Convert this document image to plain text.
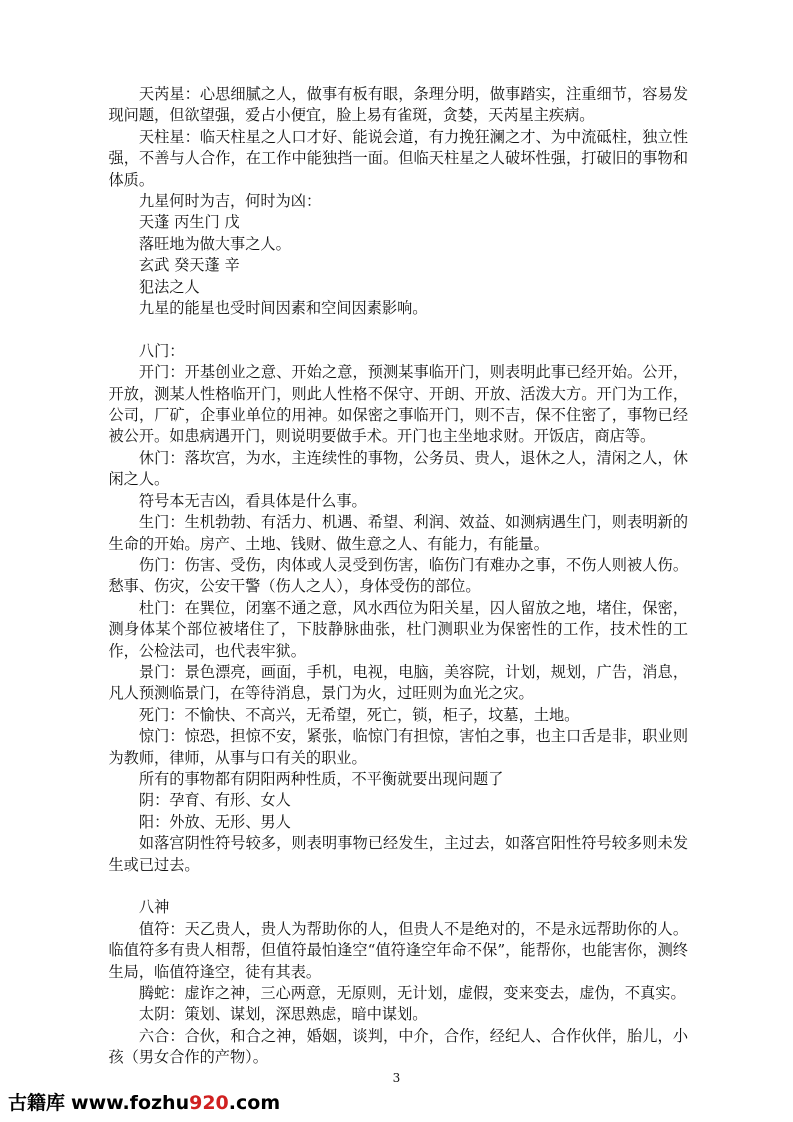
天芮星：心思细腻之人，做事有板有眼，条理分明，做事踏实，注重细节，容易发现问题，但欲望强，爱占小便宜，脸上易有雀斑，贪婪，天芮星主疾病。

天柱星：临天柱星之人口才好、能说会道，有力挽狂澜之才、为中流砥柱，独立性强，不善与人合作，在工作中能独挡一面。但临天柱星之人破坏性强，打破旧的事物和体质。

九星何时为吉，何时为凶：

天蓬 丙生门 戊

落旺地为做大事之人。

玄武 癸天蓬 辛

犯法之人

九星的能星也受时间因素和空间因素影响。

八门：

开门：开基创业之意、开始之意，预测某事临开门，则表明此事已经开始。公开，开放，测某人性格临开门，则此人性格不保守、开朗、开放、活泼大方。开门为工作，公司，厂矿，企事业单位的用神。如保密之事临开门，则不吉，保不住密了，事物已经被公开。如患病遇开门，则说明要做手术。开门也主坐地求财。开饭店，商店等。

休门：落坎宫，为水，主连续性的事物，公务员、贵人，退休之人，清闲之人，休闲之人。

符号本无吉凶，看具体是什么事。

生门：生机勃勃、有活力、机遇、希望、利润、效益、如测病遇生门，则表明新的生命的开始。房产、土地、钱财、做生意之人、有能力，有能量。

伤门：伤害、受伤，肉体或人灵受到伤害，临伤门有难办之事，不伤人则被人伤。愁事、伤灾，公安干警（伤人之人），身体受伤的部位。

杜门：在巽位，闭塞不通之意，风水西位为阳关星，囚人留放之地，堵住，保密，测身体某个部位被堵住了，下肢静脉曲张，杜门测职业为保密性的工作，技术性的工作，公检法司，也代表牢狱。

景门：景色漂亮，画面，手机，电视，电脑，美容院，计划，规划，广告，消息，凡人预测临景门，在等待消息，景门为火，过旺则为血光之灾。

死门：不愉快、不高兴，无希望，死亡，锁，柜子，坟墓，土地。

惊门：惊恐，担惊不安，紧张，临惊门有担惊，害怕之事，也主口舌是非，职业则为教师，律师，从事与口有关的职业。

所有的事物都有阴阳两种性质，不平衡就要出现问题了

阴：孕育、有形、女人

阳：外放、无形、男人

如落宫阴性符号较多，则表明事物已经发生，主过去，如落宫阳性符号较多则未发生或已过去。

八神

值符：天乙贵人，贵人为帮助你的人，但贵人不是绝对的，不是永远帮助你的人。临值符多有贵人相帮，但值符最怕逢空“值符逢空年命不保”，能帮你，也能害你，测终生局，临值符逢空，徒有其表。

腾蛇：虚诈之神，三心两意，无原则，无计划，虚假，变来变去，虚伪，不真实。

太阴：策划、谋划，深思熟虑，暗中谋划。

六合：合伙，和合之神，婚姻，谈判，中介，合作，经纪人、合作伙伴，胎儿，小孩（男女合作的产物）。

3
古籍库 www.fozhu920.com
